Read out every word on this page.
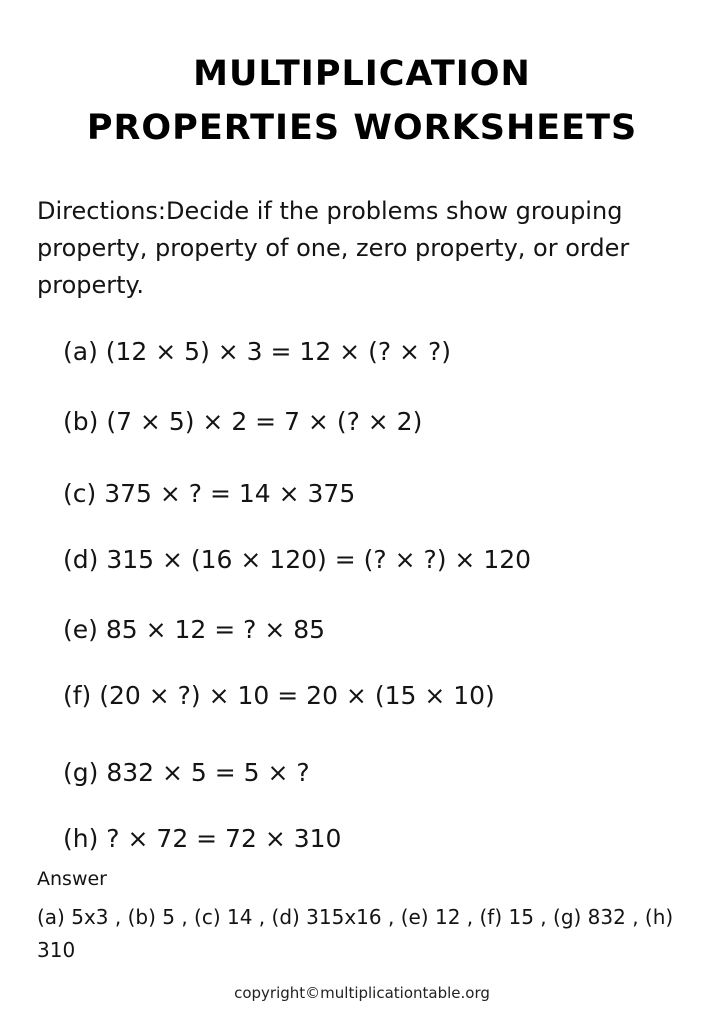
MULTIPLICATION
PROPERTIES WORKSHEETS
Directions:Decide if the problems show grouping property, property of one, zero property, or order property.
(a) (12 × 5) × 3 = 12 × (? × ?)
(b) (7 × 5) × 2 = 7 × (? × 2)
(c) 375 × ? = 14 × 375
(d) 315 × (16 × 120) = (? × ?) × 120
(e) 85 × 12 = ? × 85
(f) (20 × ?) × 10 = 20 × (15 × 10)
(g) 832 × 5 = 5 × ?
(h) ? × 72 = 72 × 310
Answer
(a) 5x3 , (b) 5 , (c) 14 , (d) 315x16 , (e) 12 , (f) 15 , (g) 832 , (h) 310
copyright©multiplicationtable.org
